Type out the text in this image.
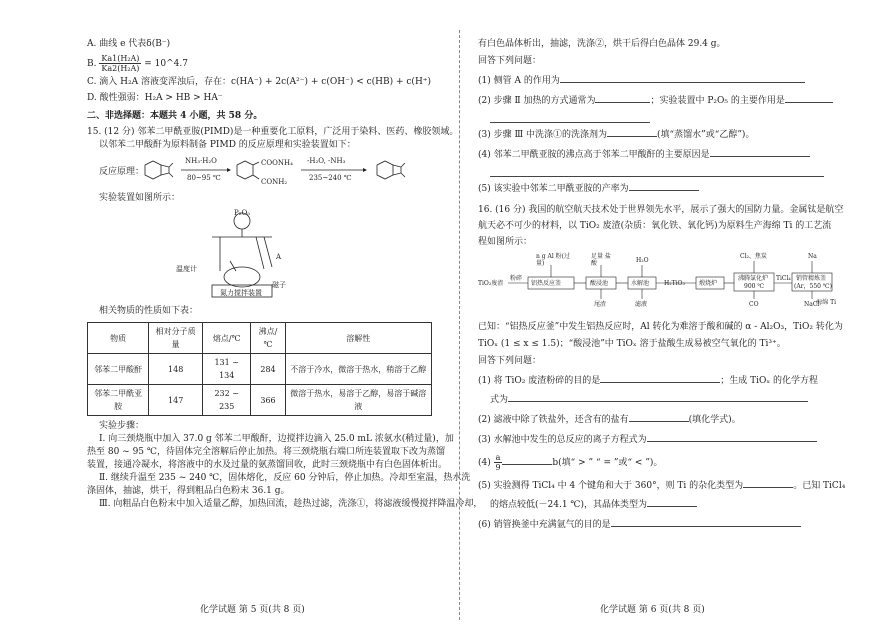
A. 曲线 e 代表δ(B⁻)
B. $\frac{\text{Ka1(H₂A)}}{\text{Ka2(H₂A)}}$ = 10^4.7
C. 滴入 H₂A 溶液变浑浊后，存在：c(HA⁻) + 2c(A²⁻) + c(OH⁻) < c(HB) + c(H⁺)
D. 酸性强弱：H₂A > HB > HA⁻
二、非选择题：本题共 4 小题，共 58 分。
15. (12 分) 邻苯二甲酰亚胺(PIMD)是一种重要化工原料，广泛用于染料、医药、橡胶领域。
以邻苯二甲酸酐为原料制备 PIMD 的反应原理和实验装置如下：
反应原理：
NH₃·H₂O
80~95 ℃
COONH₄
CONH₂
-H₂O, -NH₃
235~240 ℃
实验装置如图所示：
P₂O₅
A
温度计
磁子
氮力搅拌装置
相关物质的性质如下表：
物质	相对分子质量	熔点/℃	沸点/℃	溶解性
邻苯二甲酸酐	148	131 ~ 134	284	不溶于冷水，微溶于热水，稍溶于乙醇
邻苯二甲酰亚胺	147	232 ~ 235	366	微溶于热水，易溶于乙醇，易溶于碱溶液
实验步骤：
Ⅰ. 向三颈烧瓶中加入 37.0 g 邻苯二甲酸酐，边搅拌边滴入 25.0 mL 浓氨水(稍过量)，加
热至 80 ~ 95 ℃，待固体完全溶解后停止加热。将三颈烧瓶右端口所连装置取下改为蒸馏
装置，接通冷凝水，将溶液中的水及过量的氨蒸馏回收，此时三颈烧瓶中有白色固体析出。
Ⅱ. 继续升温至 235 ~ 240 ℃，固体熔化，反应 60 分钟后，停止加热。冷却至室温，热水洗
涤固体，抽滤，烘干，得到粗品白色粉末 36.1 g。
Ⅲ. 向粗品白色粉末中加入适量乙醇，加热回流，趁热过滤，洗涤①，将滤液缓慢搅拌降温冷却，
有白色晶体析出，抽滤，洗涤②，烘干后得白色晶体 29.4 g。
回答下列问题：
(1) 侧管 A 的作用为
(2) 步骤 Ⅱ 加热的方式通常为	；实验装置中 P₂O₅ 的主要作用是
(3) 步骤 Ⅲ 中洗涤①的洗涤剂为	(填“蒸馏水”或“乙醇”)。
(4) 邻苯二甲酰亚胺的沸点高于邻苯二甲酸酐的主要原因是
(5) 该实验中邻苯二甲酰亚胺的产率为
16. (16 分) 我国的航空航天技术处于世界领先水平，展示了强大的国防力量。金属钛是航空
航天必不可少的材料，以 TiO₂ 废渣(杂质：氧化铁、氧化钙)为原料生产海绵 Ti 的工艺流
程如图所示：
TiO₂废渣
粉碎
n g Al 粉(过量)
铝热反应釜
足量 盐酸
酸浸池
H₂O
水解池 H₂TiO₃ 煅烧炉
Cl₂、焦炭
沸腾氯化炉
900 ℃
TiCl₄
Na
销管精炼釜
(Ar，550 ℃)
尾渣	滤液	CO	NaCl
海绵 Ti
已知：“铝热反应釜”中发生铝热反应时，Al 转化为难溶于酸和碱的 α - Al₂O₃，TiO₂ 转化为
TiOₓ (1 ≤ x ≤ 1.5)；“酸浸池”中 TiOₓ 溶于盐酸生成易被空气氧化的 Ti³⁺。
回答下列问题：
(1) 将 TiO₂ 废渣粉碎的目的是	；生成 TiOₓ 的化学方程
式为
(2) 滤液中除了铁盐外，还含有的盐有	(填化学式)。
(3) 水解池中发生的总反应的离子方程式为
$(4) \frac{a}{9}$	b(填“ > ” “ = ”或“ < ”)。
(5) 实验测得 TiCl₄ 中 4 个键角和大于 360°，则 Ti 的杂化类型为	。已知 TiCl₄
的熔点较低(－24.1 ℃)，其晶体类型为
(6) 销管换釜中充满氩气的目的是
化学试题 第 5 页(共 8 页)	化学试题 第 6 页(共 8 页)
